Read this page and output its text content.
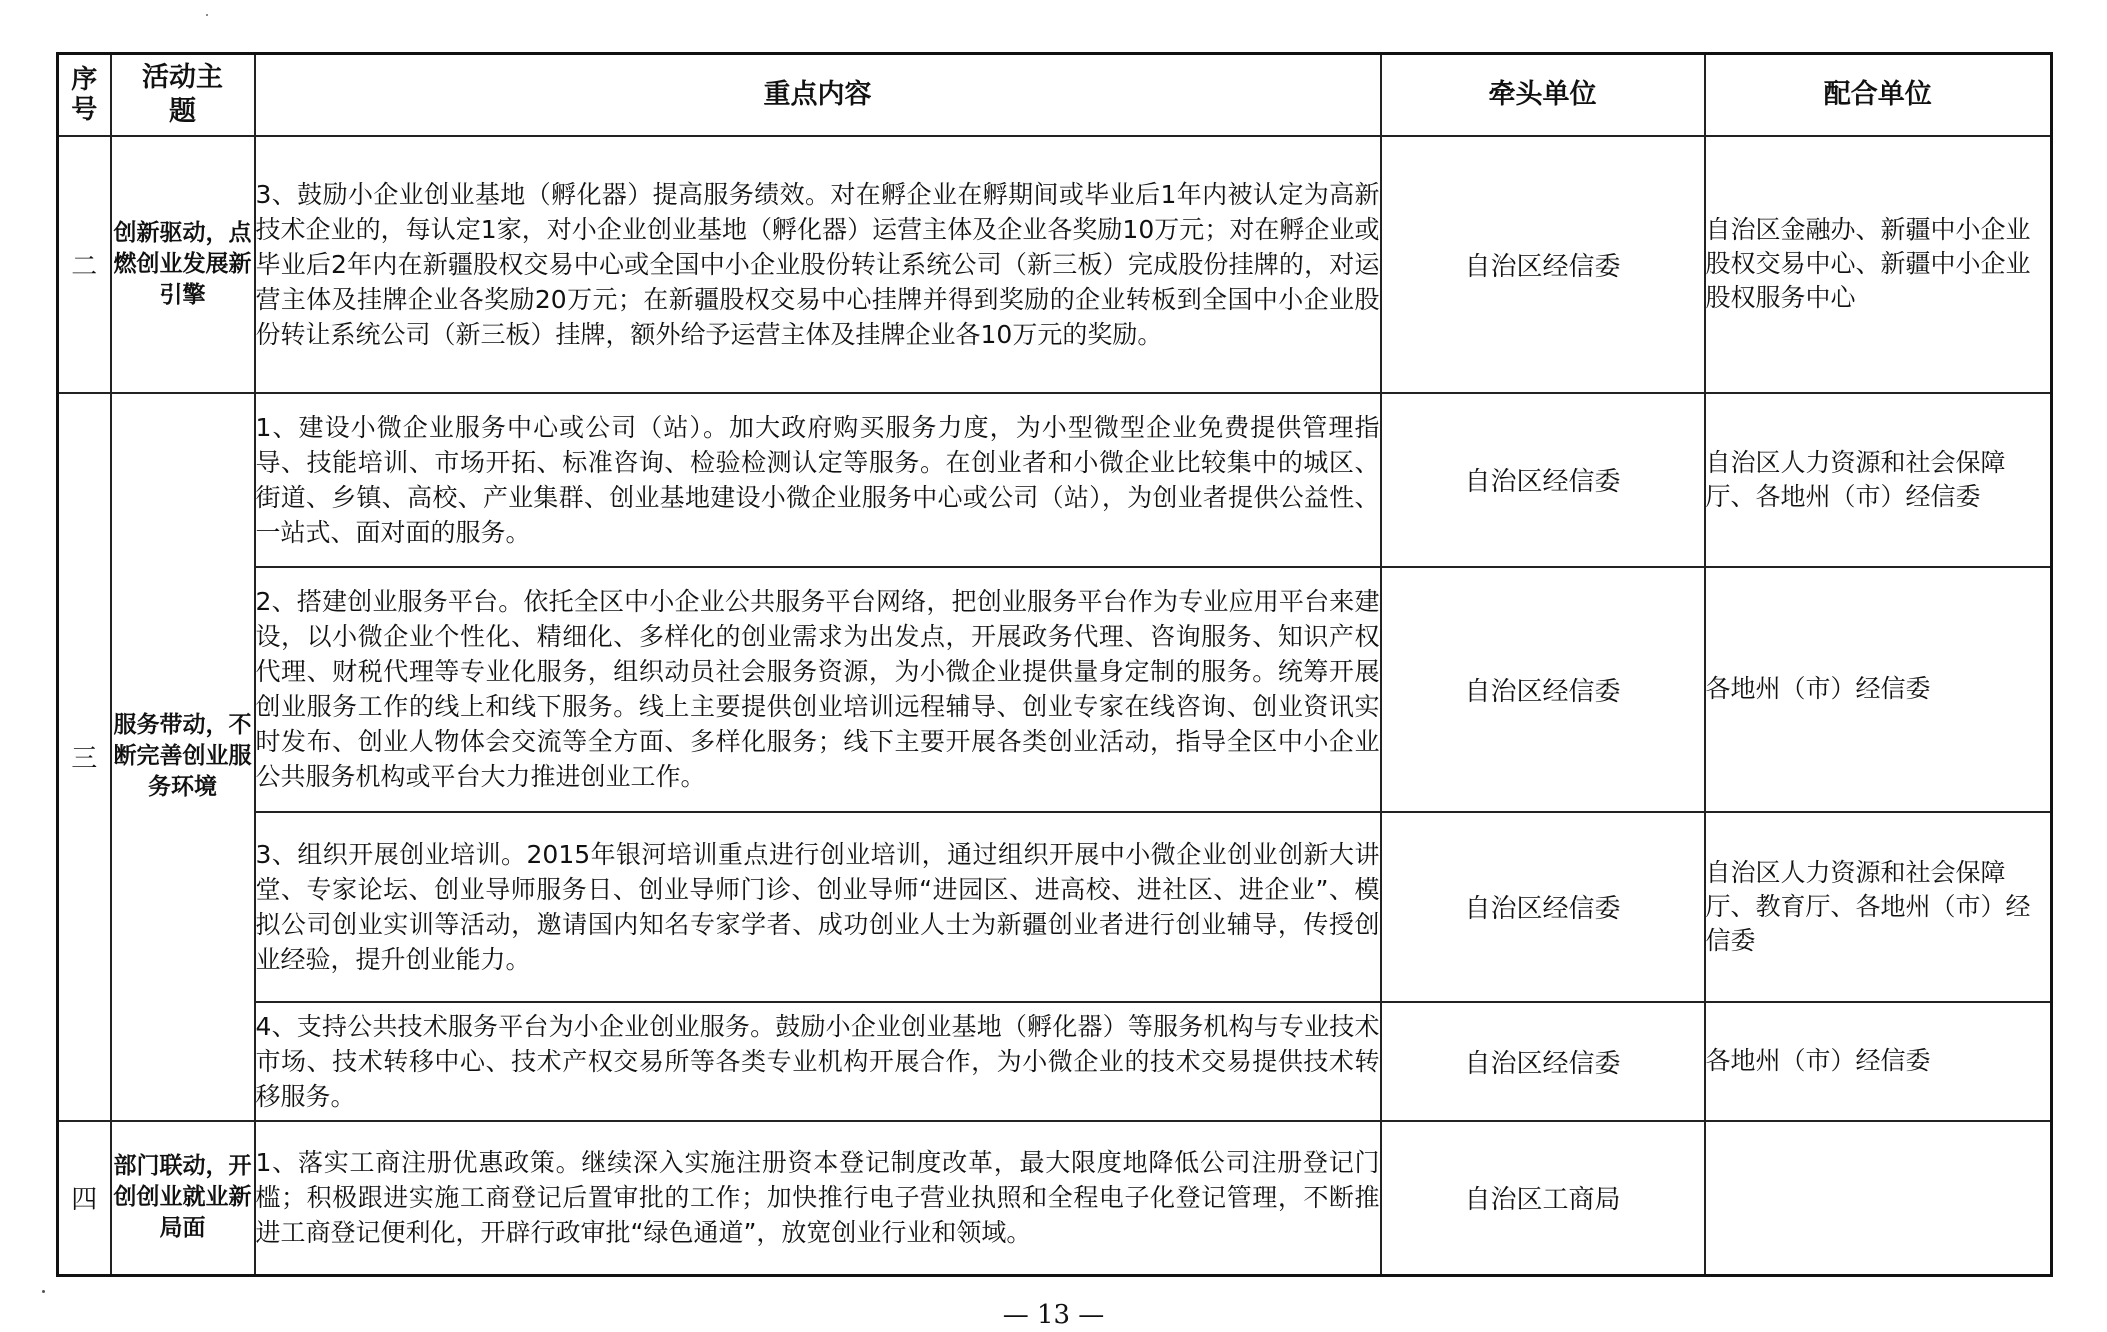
序号	活动主题	重点内容	牵头单位	配合单位
二	创新驱动，点燃创业发展新引擎	3、鼓励小企业创业基地（孵化器）提高服务绩效。对在孵企业在孵期间或毕业后1年内被认定为高新技术企业的，每认定1家，对小企业创业基地（孵化器）运营主体及企业各奖励10万元；对在孵企业或毕业后2年内在新疆股权交易中心或全国中小企业股份转让系统公司（新三板）完成股份挂牌的，对运营主体及挂牌企业各奖励20万元；在新疆股权交易中心挂牌并得到奖励的企业转板到全国中小企业股份转让系统公司（新三板）挂牌，额外给予运营主体及挂牌企业各10万元的奖励。	自治区经信委	自治区金融办、新疆中小企业股权交易中心、新疆中小企业股权服务中心
三	服务带动，不断完善创业服务环境	1、建设小微企业服务中心或公司（站）。加大政府购买服务力度，为小型微型企业免费提供管理指导、技能培训、市场开拓、标准咨询、检验检测认定等服务。在创业者和小微企业比较集中的城区、街道、乡镇、高校、产业集群、创业基地建设小微企业服务中心或公司（站），为创业者提供公益性、一站式、面对面的服务。	自治区经信委	自治区人力资源和社会保障厅、各地州（市）经信委
		2、搭建创业服务平台。依托全区中小企业公共服务平台网络，把创业服务平台作为专业应用平台来建设，以小微企业个性化、精细化、多样化的创业需求为出发点，开展政务代理、咨询服务、知识产权代理、财税代理等专业化服务，组织动员社会服务资源，为小微企业提供量身定制的服务。统筹开展创业服务工作的线上和线下服务。线上主要提供创业培训远程辅导、创业专家在线咨询、创业资讯实时发布、创业人物体会交流等全方面、多样化服务；线下主要开展各类创业活动，指导全区中小企业公共服务机构或平台大力推进创业工作。	自治区经信委	各地州（市）经信委
		3、组织开展创业培训。2015年银河培训重点进行创业培训，通过组织开展中小微企业创业创新大讲堂、专家论坛、创业导师服务日、创业导师门诊、创业导师“进园区、进高校、进社区、进企业”、模拟公司创业实训等活动，邀请国内知名专家学者、成功创业人士为新疆创业者进行创业辅导，传授创业经验，提升创业能力。	自治区经信委	自治区人力资源和社会保障厅、教育厅、各地州（市）经信委
		4、支持公共技术服务平台为小企业创业服务。鼓励小企业创业基地（孵化器）等服务机构与专业技术市场、技术转移中心、技术产权交易所等各类专业机构开展合作，为小微企业的技术交易提供技术转移服务。	自治区经信委	各地州（市）经信委
四	部门联动，开创创业就业新局面	1、落实工商注册优惠政策。继续深入实施注册资本登记制度改革，最大限度地降低公司注册登记门槛；积极跟进实施工商登记后置审批的工作；加快推行电子营业执照和全程电子化登记管理，不断推进工商登记便利化，开辟行政审批“绿色通道”，放宽创业行业和领域。	自治区工商局	
— 13 —
